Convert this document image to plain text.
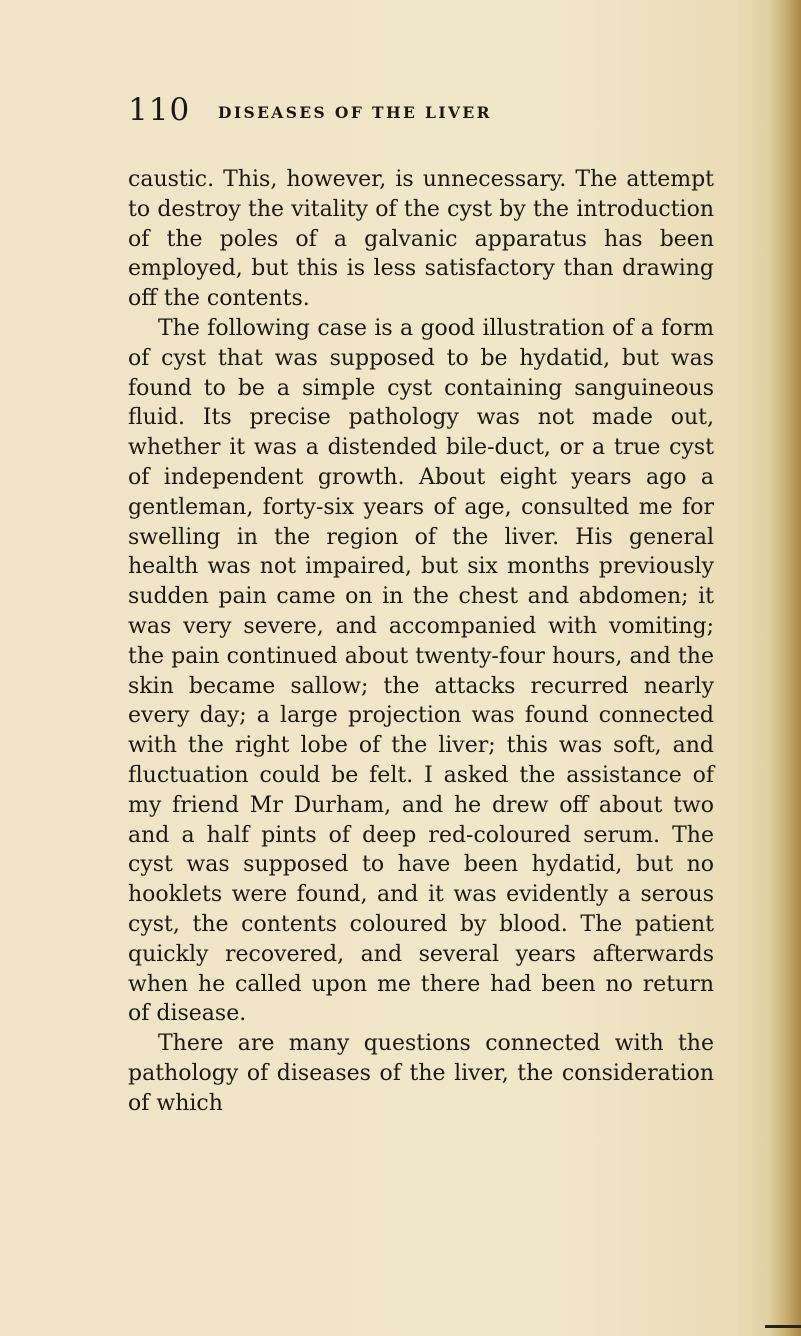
110 DISEASES OF THE LIVER

caustic. This, however, is unnecessary. The attempt to destroy the vitality of the cyst by the introduction of the poles of a galvanic apparatus has been employed, but this is less satisfactory than drawing off the contents.

The following case is a good illustration of a form of cyst that was supposed to be hydatid, but was found to be a simple cyst containing sanguineous fluid. Its precise pathology was not made out, whether it was a distended bile-duct, or a true cyst of independent growth. About eight years ago a gentleman, forty-six years of age, consulted me for swelling in the region of the liver. His general health was not impaired, but six months previously sudden pain came on in the chest and abdomen; it was very severe, and accompanied with vomiting; the pain continued about twenty-four hours, and the skin became sallow; the attacks recurred nearly every day; a large projection was found connected with the right lobe of the liver; this was soft, and fluctuation could be felt. I asked the assistance of my friend Mr Durham, and he drew off about two and a half pints of deep red-coloured serum. The cyst was supposed to have been hydatid, but no hooklets were found, and it was evidently a serous cyst, the contents coloured by blood. The patient quickly recovered, and several years afterwards when he called upon me there had been no return of disease.

There are many questions connected with the pathology of diseases of the liver, the consideration of which
